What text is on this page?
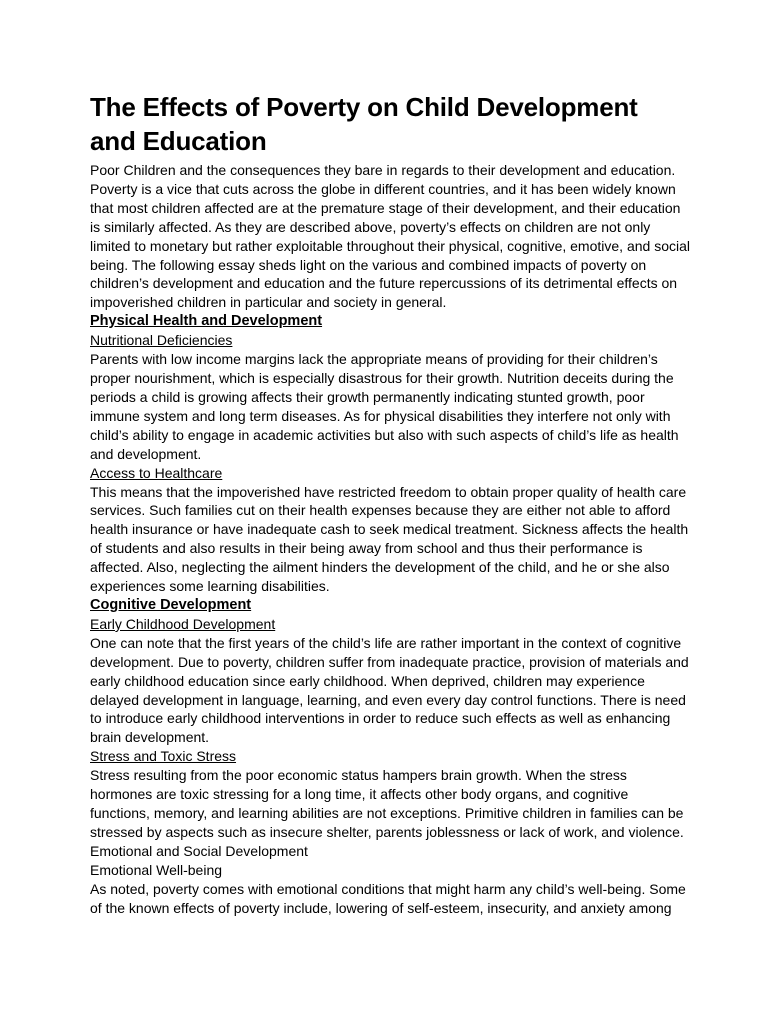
The Effects of Poverty on Child Development and Education

Poor Children and the consequences they bare in regards to their development and education. Poverty is a vice that cuts across the globe in different countries, and it has been widely known that most children affected are at the premature stage of their development, and their education is similarly affected. As they are described above, poverty’s effects on children are not only limited to monetary but rather exploitable throughout their physical, cognitive, emotive, and social being. The following essay sheds light on the various and combined impacts of poverty on children’s development and education and the future repercussions of its detrimental effects on impoverished children in particular and society in general.

Physical Health and Development
Nutritional Deficiencies

Parents with low income margins lack the appropriate means of providing for their children’s proper nourishment, which is especially disastrous for their growth. Nutrition deceits during the periods a child is growing affects their growth permanently indicating stunted growth, poor immune system and long term diseases. As for physical disabilities they interfere not only with child’s ability to engage in academic activities but also with such aspects of child’s life as health and development.

Access to Healthcare

This means that the impoverished have restricted freedom to obtain proper quality of health care services. Such families cut on their health expenses because they are either not able to afford health insurance or have inadequate cash to seek medical treatment. Sickness affects the health of students and also results in their being away from school and thus their performance is affected. Also, neglecting the ailment hinders the development of the child, and he or she also experiences some learning disabilities.

Cognitive Development
Early Childhood Development

One can note that the first years of the child’s life are rather important in the context of cognitive development. Due to poverty, children suffer from inadequate practice, provision of materials and early childhood education since early childhood. When deprived, children may experience delayed development in language, learning, and even every day control functions. There is need to introduce early childhood interventions in order to reduce such effects as well as enhancing brain development.

Stress and Toxic Stress

Stress resulting from the poor economic status hampers brain growth. When the stress hormones are toxic stressing for a long time, it affects other body organs, and cognitive functions, memory, and learning abilities are not exceptions. Primitive children in families can be stressed by aspects such as insecure shelter, parents joblessness or lack of work, and violence.

Emotional and Social Development
Emotional Well-being

As noted, poverty comes with emotional conditions that might harm any child’s well-being. Some of the known effects of poverty include, lowering of self-esteem, insecurity, and anxiety among
